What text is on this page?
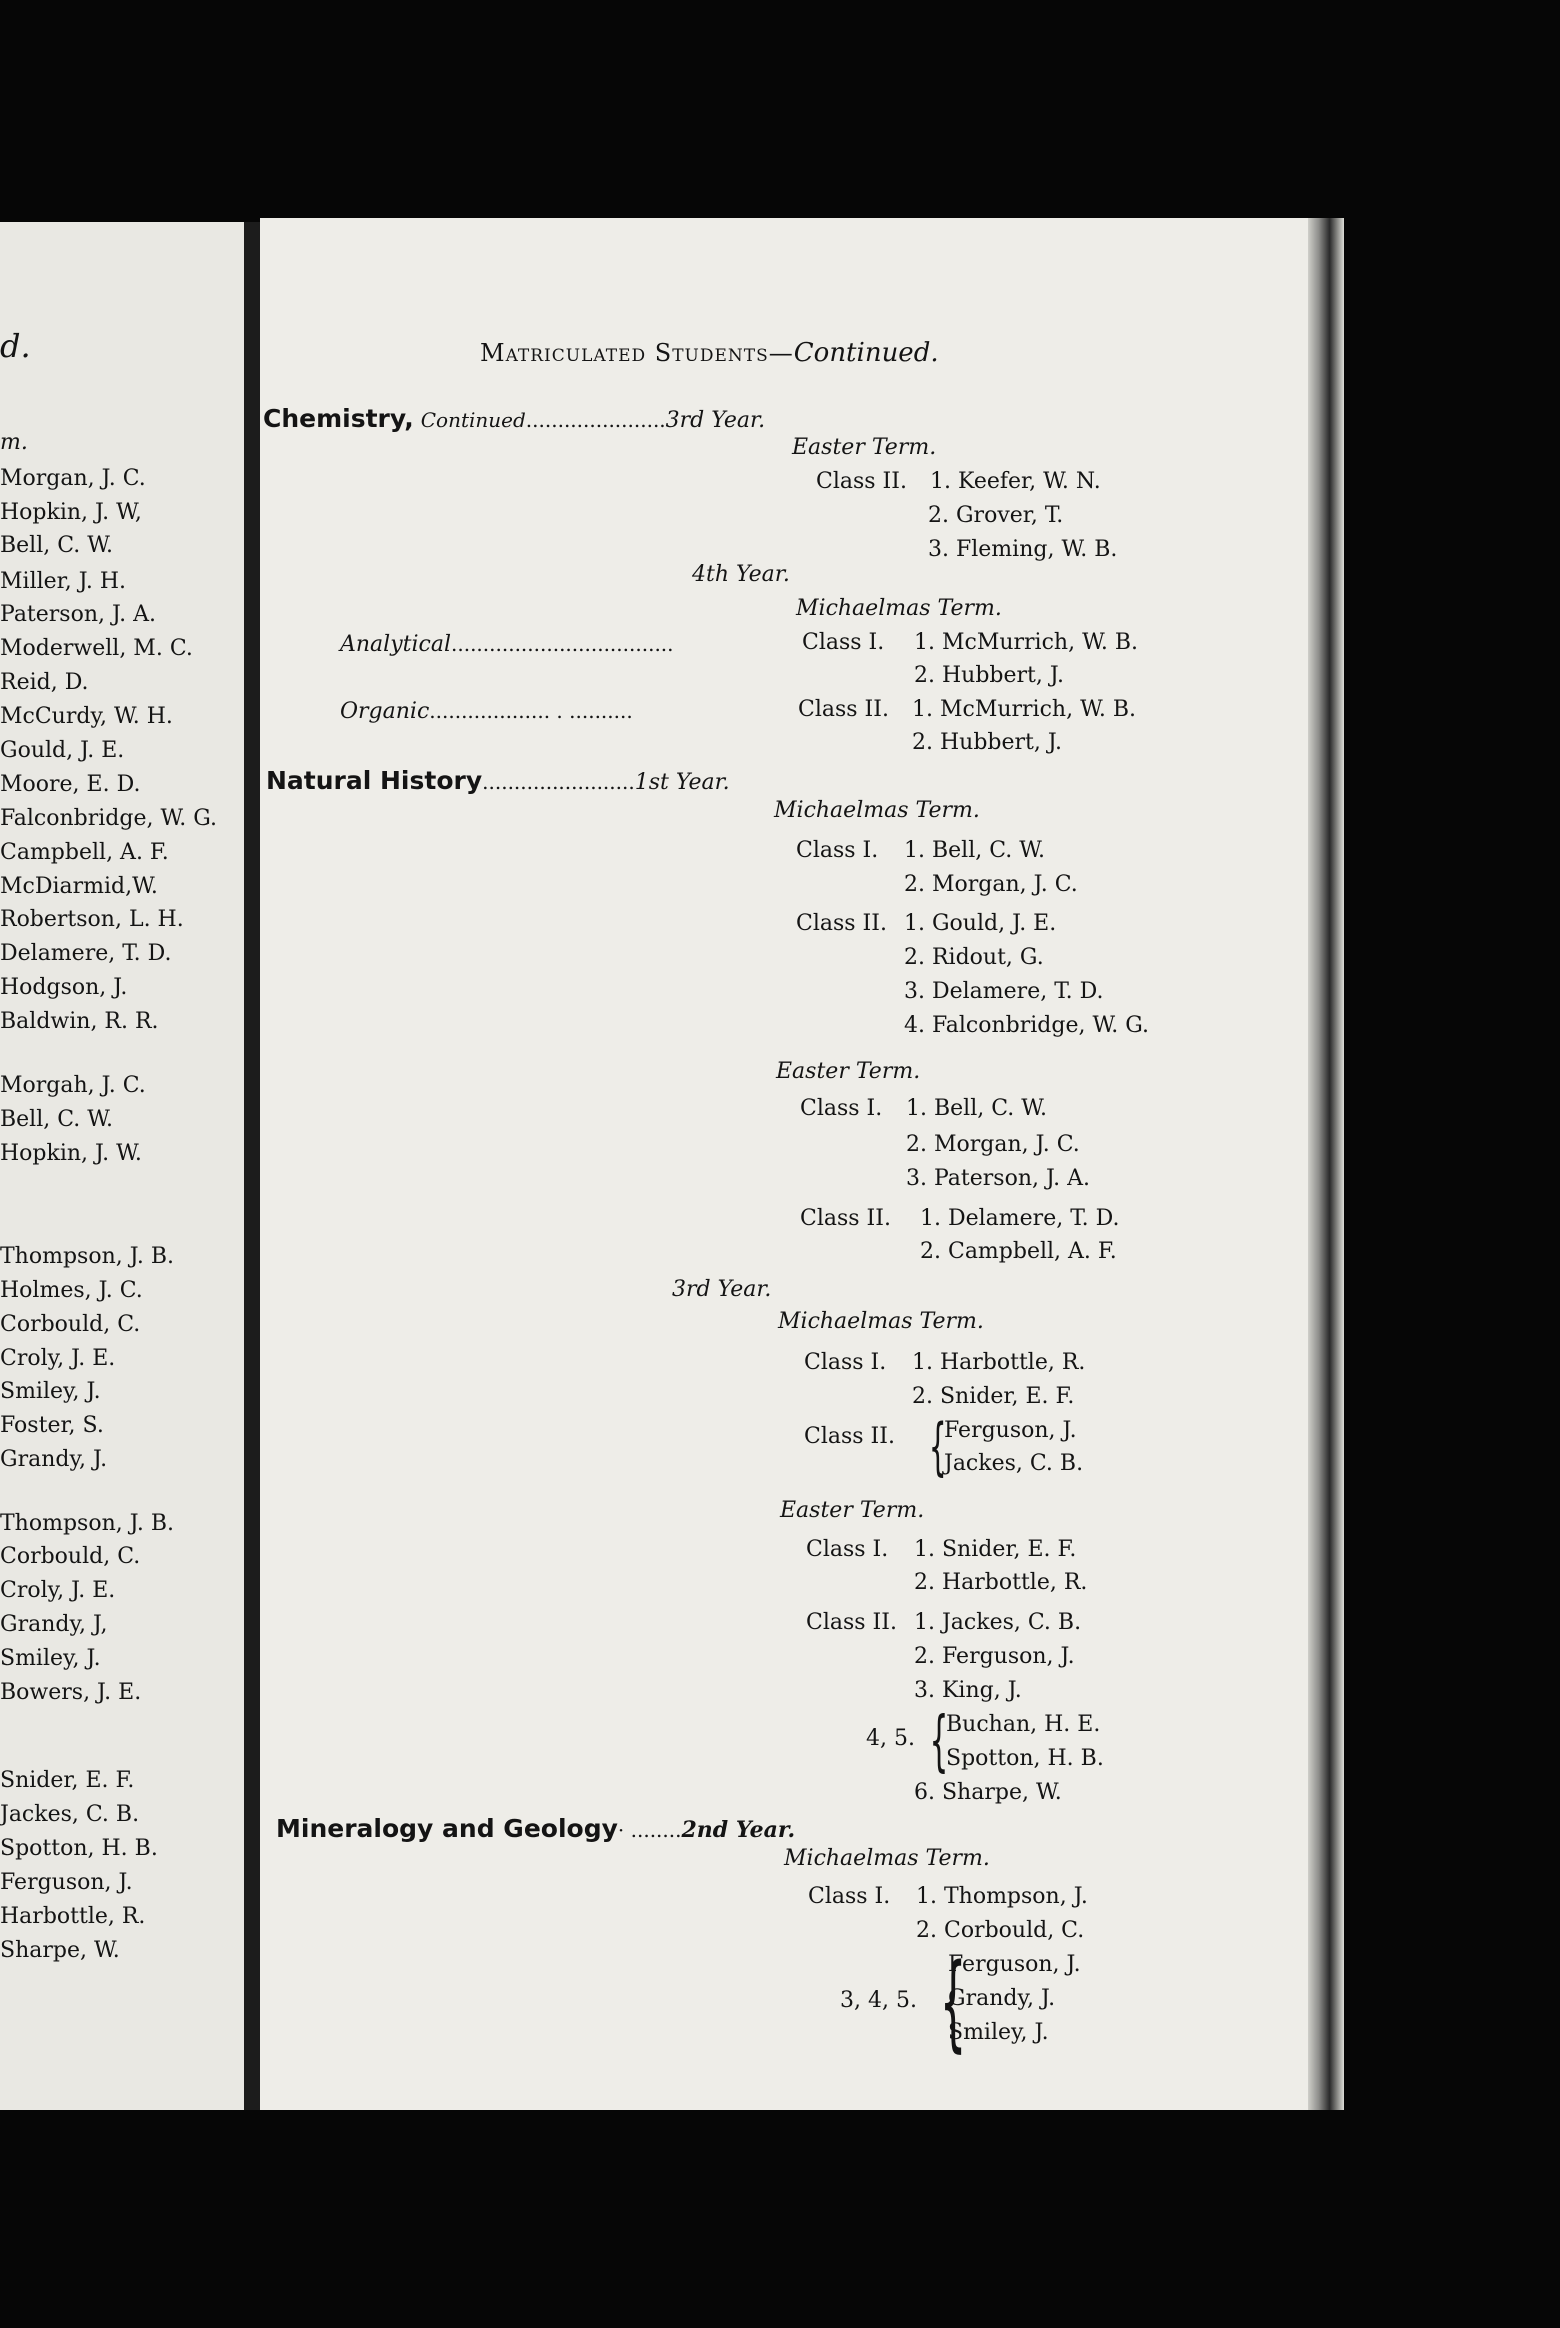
d.
m.
Morgan, J. C.
Hopkin, J. W,
Bell, C. W.
Miller, J. H.
Paterson, J. A.
Moderwell, M. C.
Reid, D.
McCurdy, W. H.
Gould, J. E.
Moore, E. D.
Falconbridge, W. G.
Campbell, A. F.
McDiarmid,W.
Robertson, L. H.
Delamere, T. D.
Hodgson, J.
Baldwin, R. R.
Morgah, J. C.
Bell, C. W.
Hopkin, J. W.
Thompson, J. B.
Holmes, J. C.
Corbould, C.
Croly, J. E.
Smiley, J.
Foster, S.
Grandy, J.
Thompson, J. B.
Corbould, C.
Croly, J. E.
Grandy, J,
Smiley, J.
Bowers, J. E.
Snider, E. F.
Jackes, C. B.
Spotton, H. B.
Ferguson, J.
Harbottle, R.
Sharpe, W.
Matriculated Students—Continued.
Chemistry, Continued......................3rd Year.
Easter Term.
Class II. 1. Keefer, W. N.
2. Grover, T.
3. Fleming, W. B.
4th Year.
Michaelmas Term.
Analytical...................................	Class I. 1. McMurrich, W. B.
2. Hubbert, J.
Organic................... . ..........	Class II. 1. McMurrich, W. B.
2. Hubbert, J.
Natural History........................1st Year.
Michaelmas Term.
Class I. 1. Bell, C. W.
2. Morgan, J. C.
Class II. 1. Gould, J. E.
2. Ridout, G.
3. Delamere, T. D.
4. Falconbridge, W. G.
Easter Term.
Class I. 1. Bell, C. W.
2. Morgan, J. C.
3. Paterson, J. A.
Class II. 1. Delamere, T. D.
2. Campbell, A. F.
3rd Year.
Michaelmas Term.
Class I. 1. Harbottle, R.
2. Snider, E. F.
Class II. {
Ferguson, J.
Jackes, C. B.
Easter Term.
Class I. 1. Snider, E. F.
2. Harbottle, R.
Class II. 1. Jackes, C. B.
2. Ferguson, J.
3. King, J.
4, 5. {
Buchan, H. E.
Spotton, H. B.
6. Sharpe, W.
Mineralogy and Geology· ........2nd Year.
Michaelmas Term.
Class I. 1. Thompson, J.
2. Corbould, C.
3, 4, 5. {
Ferguson, J.
Grandy, J.
Smiley, J.
